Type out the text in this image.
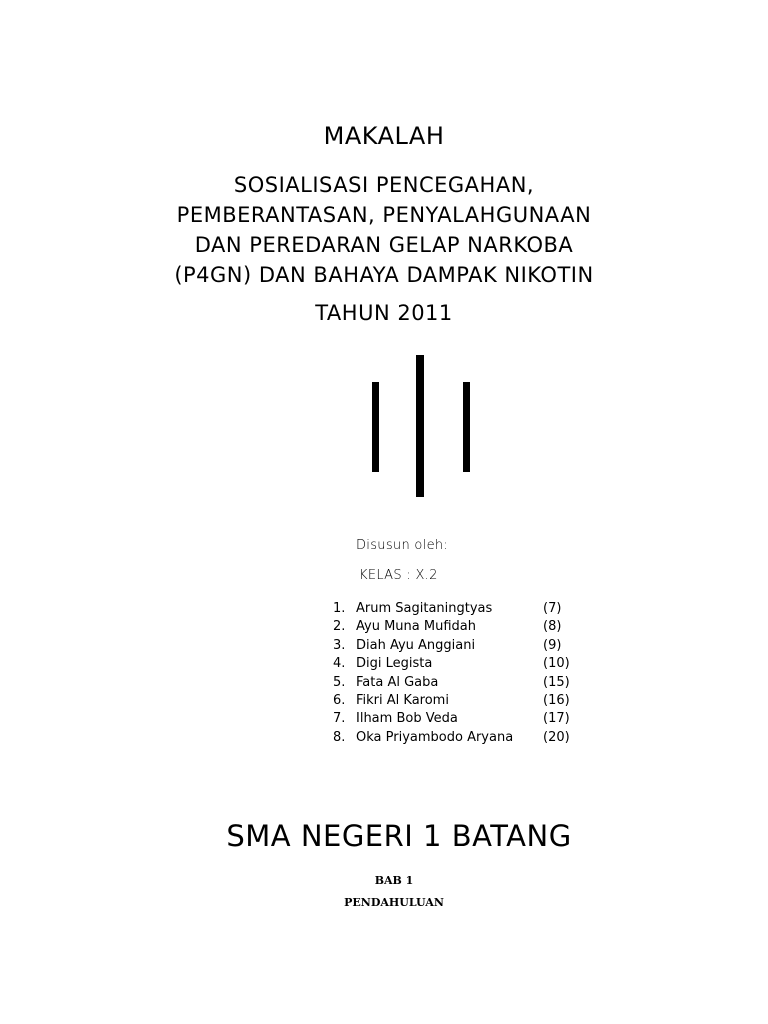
MAKALAH
SOSIALISASI PENCEGAHAN,
PEMBERANTASAN, PENYALAHGUNAAN
DAN PEREDARAN GELAP NARKOBA
(P4GN) DAN BAHAYA DAMPAK NIKOTIN
TAHUN 2011
Disusun oleh:
KELAS : X.2
1. Arum Sagitaningtyas	(7)
2. Ayu Muna Mufidah	(8)
3. Diah Ayu Anggiani	(9)
4. Digi Legista	(10)
5. Fata Al Gaba	(15)
6. Fikri Al Karomi	(16)
7. Ilham Bob Veda	(17)
8. Oka Priyambodo Aryana (20)
SMA NEGERI 1 BATANG
BAB 1
PENDAHULUAN
